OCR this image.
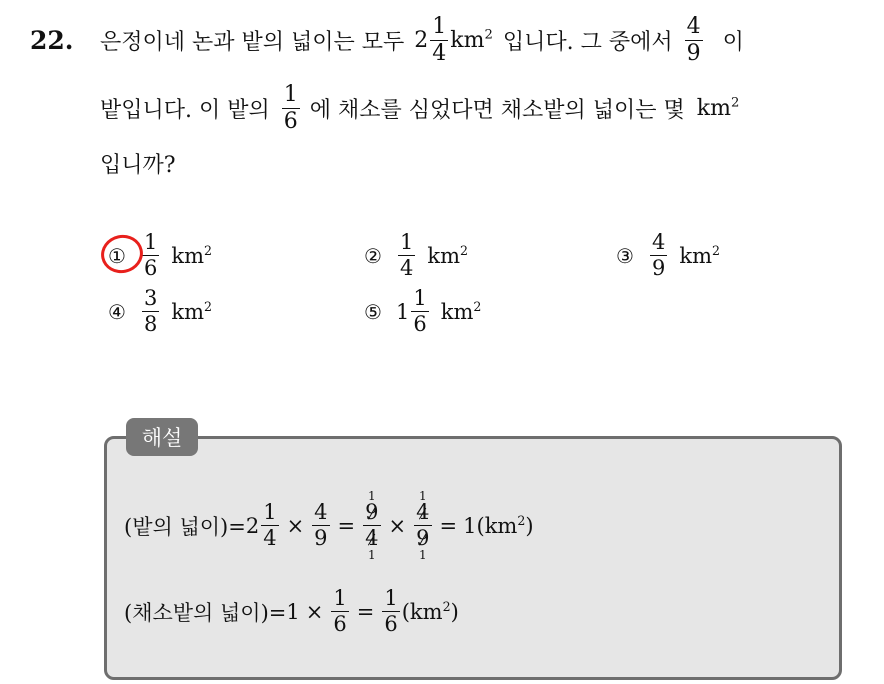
22. 은정이네 논과 밭의 넓이는 모두 $2 \frac{1}{4} km^2$ 입니다. 그 중에서 $\frac{4}{9}$ 이
밭입니다. 이 밭의 $\frac{1}{6}$ 에 채소를 심었다면 채소밭의 넓이는 몇 $km^2$
입니까?
① $\frac{1}{6} km^2$	② $\frac{1}{4} km^2$	③ $\frac{4}{9} km^2$
④ $\frac{3}{8} km^2$	⑤ $1 \frac{1}{6} km^2$
해설
(밭의 넓이)= $2 \frac{1}{4} \times \frac{4}{9}$ =
1
9
4
1
×
1
4
9
1
= 1( $km^2$ )
(채소밭의 넓이)= $1 \times \frac{1}{6} = \frac{1}{6}$ ( $km^2$ )
